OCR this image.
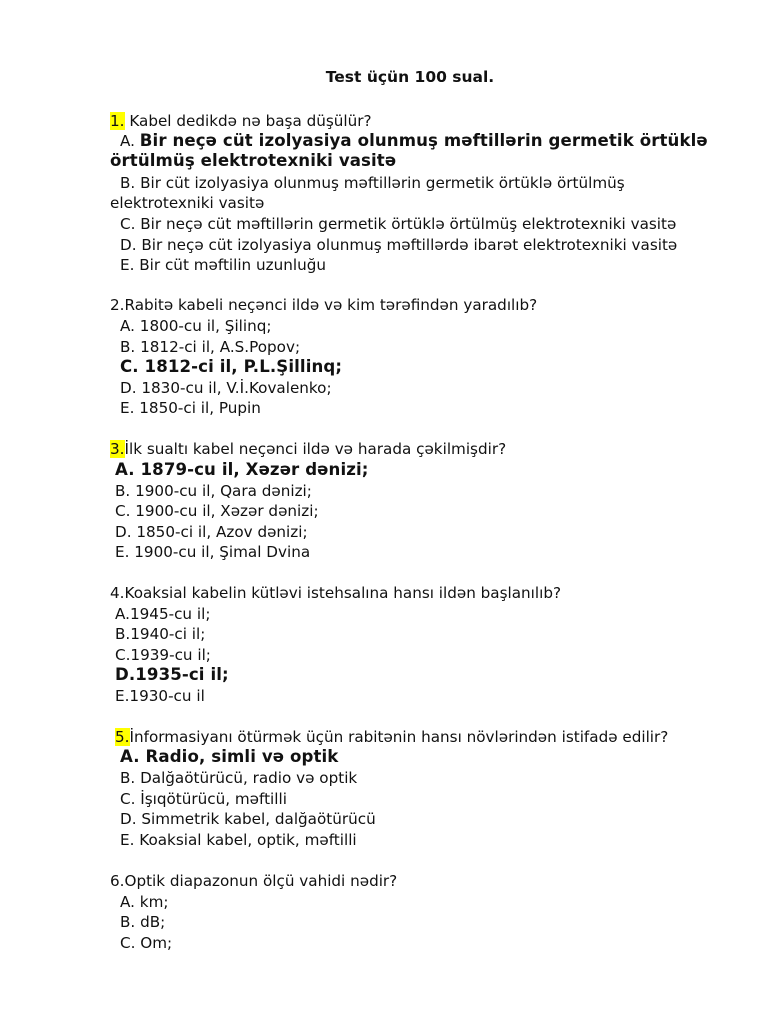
Test üçün 100 sual.
1. Kabel dedikdə nə başa düşülür?
A. Bir neçə cüt izolyasiya olunmuş məftillərin germetik örtüklə
örtülmüş elektrotexniki vasitə
B. Bir cüt izolyasiya olunmuş məftillərin germetik örtüklə örtülmüş
elektrotexniki vasitə
C. Bir neçə cüt məftillərin germetik örtüklə örtülmüş elektrotexniki vasitə
D. Bir neçə cüt izolyasiya olunmuş məftillərdə ibarət elektrotexniki vasitə
E. Bir cüt məftilin uzunluğu
2.Rabitə kabeli neçənci ildə və kim tərəfindən yaradılıb?
A. 1800-cu il, Şilinq;
B. 1812-ci il, A.S.Popov;
C. 1812-ci il, P.L.Şillinq;
D. 1830-cu il, V.İ.Kovalenko;
E. 1850-ci il, Pupin
3.İlk sualtı kabel neçənci ildə və harada çəkilmişdir?
A. 1879-cu il, Xəzər dənizi;
B. 1900-cu il, Qara dənizi;
C. 1900-cu il, Xəzər dənizi;
D. 1850-ci il, Azov dənizi;
E. 1900-cu il, Şimal Dvina
4.Koaksial kabelin kütləvi istehsalına hansı ildən başlanılıb?
A.1945-cu il;
B.1940-ci il;
C.1939-cu il;
D.1935-ci il;
E.1930-cu il
5.İnformasiyanı ötürmək üçün rabitənin hansı növlərindən istifadə edilir?
A. Radio, simli və optik
B. Dalğaötürücü, radio və optik
C. İşıqötürücü, məftilli
D. Simmetrik kabel, dalğaötürücü
E. Koaksial kabel, optik, məftilli
6.Optik diapazonun ölçü vahidi nədir?
A. km;
B. dB;
C. Om;
